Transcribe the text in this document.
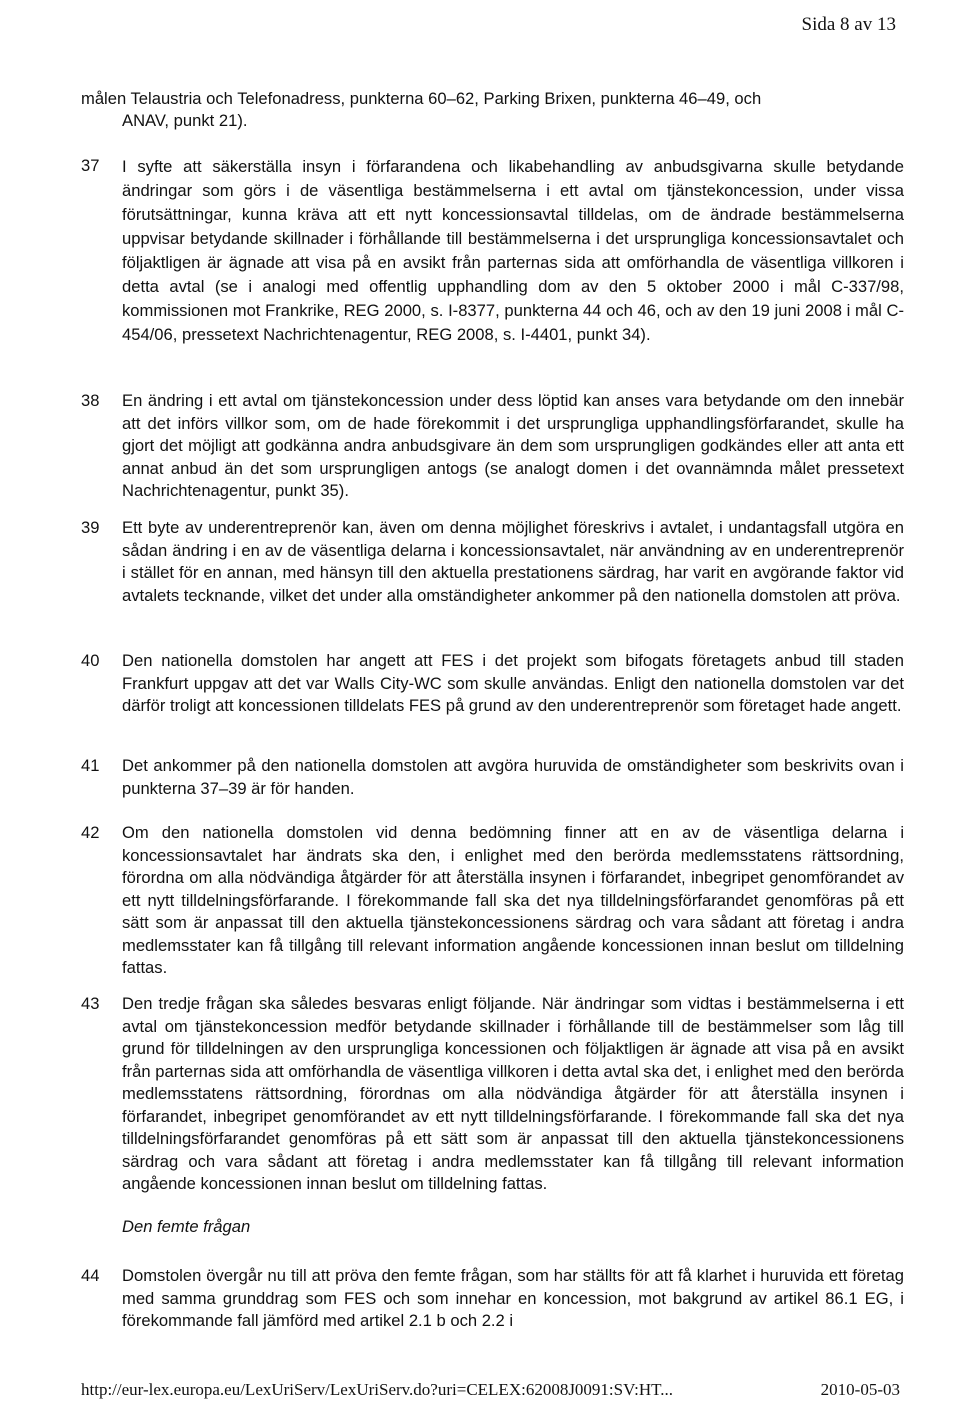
Sida 8 av 13
målen Telaustria och Telefonadress, punkterna 60–62, Parking Brixen, punkterna 46–49, och
ANAV, punkt 21).
37 I syfte att säkerställa insyn i förfarandena och likabehandling av anbudsgivarna skulle betydande ändringar som görs i de väsentliga bestämmelserna i ett avtal om tjänstekoncession, under vissa förutsättningar, kunna kräva att ett nytt koncessionsavtal tilldelas, om de ändrade bestämmelserna uppvisar betydande skillnader i förhållande till bestämmelserna i det ursprungliga koncessionsavtalet och följaktligen är ägnade att visa på en avsikt från parternas sida att omförhandla de väsentliga villkoren i detta avtal (se i analogi med offentlig upphandling dom av den 5 oktober 2000 i mål C-337/98, kommissionen mot Frankrike, REG 2000, s. I-8377, punkterna 44 och 46, och av den 19 juni 2008 i mål C-454/06, pressetext Nachrichtenagentur, REG 2008, s. I-4401, punkt 34).
38 En ändring i ett avtal om tjänstekoncession under dess löptid kan anses vara betydande om den innebär att det införs villkor som, om de hade förekommit i det ursprungliga upphandlingsförfarandet, skulle ha gjort det möjligt att godkänna andra anbudsgivare än dem som ursprungligen godkändes eller att anta ett annat anbud än det som ursprungligen antogs (se analogt domen i det ovannämnda målet pressetext Nachrichtenagentur, punkt 35).
39 Ett byte av underentreprenör kan, även om denna möjlighet föreskrivs i avtalet, i undantagsfall utgöra en sådan ändring i en av de väsentliga delarna i koncessionsavtalet, när användning av en underentreprenör i stället för en annan, med hänsyn till den aktuella prestationens särdrag, har varit en avgörande faktor vid avtalets tecknande, vilket det under alla omständigheter ankommer på den nationella domstolen att pröva.
40 Den nationella domstolen har angett att FES i det projekt som bifogats företagets anbud till staden Frankfurt uppgav att det var Walls City-WC som skulle användas. Enligt den nationella domstolen var det därför troligt att koncessionen tilldelats FES på grund av den underentreprenör som företaget hade angett.
41 Det ankommer på den nationella domstolen att avgöra huruvida de omständigheter som beskrivits ovan i punkterna 37–39 är för handen.
42 Om den nationella domstolen vid denna bedömning finner att en av de väsentliga delarna i koncessionsavtalet har ändrats ska den, i enlighet med den berörda medlemsstatens rättsordning, förordna om alla nödvändiga åtgärder för att återställa insynen i förfarandet, inbegripet genomförandet av ett nytt tilldelningsförfarande. I förekommande fall ska det nya tilldelningsförfarandet genomföras på ett sätt som är anpassat till den aktuella tjänstekoncessionens särdrag och vara sådant att företag i andra medlemsstater kan få tillgång till relevant information angående koncessionen innan beslut om tilldelning fattas.
43 Den tredje frågan ska således besvaras enligt följande. När ändringar som vidtas i bestämmelserna i ett avtal om tjänstekoncession medför betydande skillnader i förhållande till de bestämmelser som låg till grund för tilldelningen av den ursprungliga koncessionen och följaktligen är ägnade att visa på en avsikt från parternas sida att omförhandla de väsentliga villkoren i detta avtal ska det, i enlighet med den berörda medlemsstatens rättsordning, förordnas om alla nödvändiga åtgärder för att återställa insynen i förfarandet, inbegripet genomförandet av ett nytt tilldelningsförfarande. I förekommande fall ska det nya tilldelningsförfarandet genomföras på ett sätt som är anpassat till den aktuella tjänstekoncessionens särdrag och vara sådant att företag i andra medlemsstater kan få tillgång till relevant information angående koncessionen innan beslut om tilldelning fattas.
Den femte frågan
44 Domstolen övergår nu till att pröva den femte frågan, som har ställts för att få klarhet i huruvida ett företag med samma grunddrag som FES och som innehar en koncession, mot bakgrund av artikel 86.1 EG, i förekommande fall jämförd med artikel 2.1 b och 2.2 i
http://eur-lex.europa.eu/LexUriServ/LexUriServ.do?uri=CELEX:62008J0091:SV:HT...	2010-05-03
